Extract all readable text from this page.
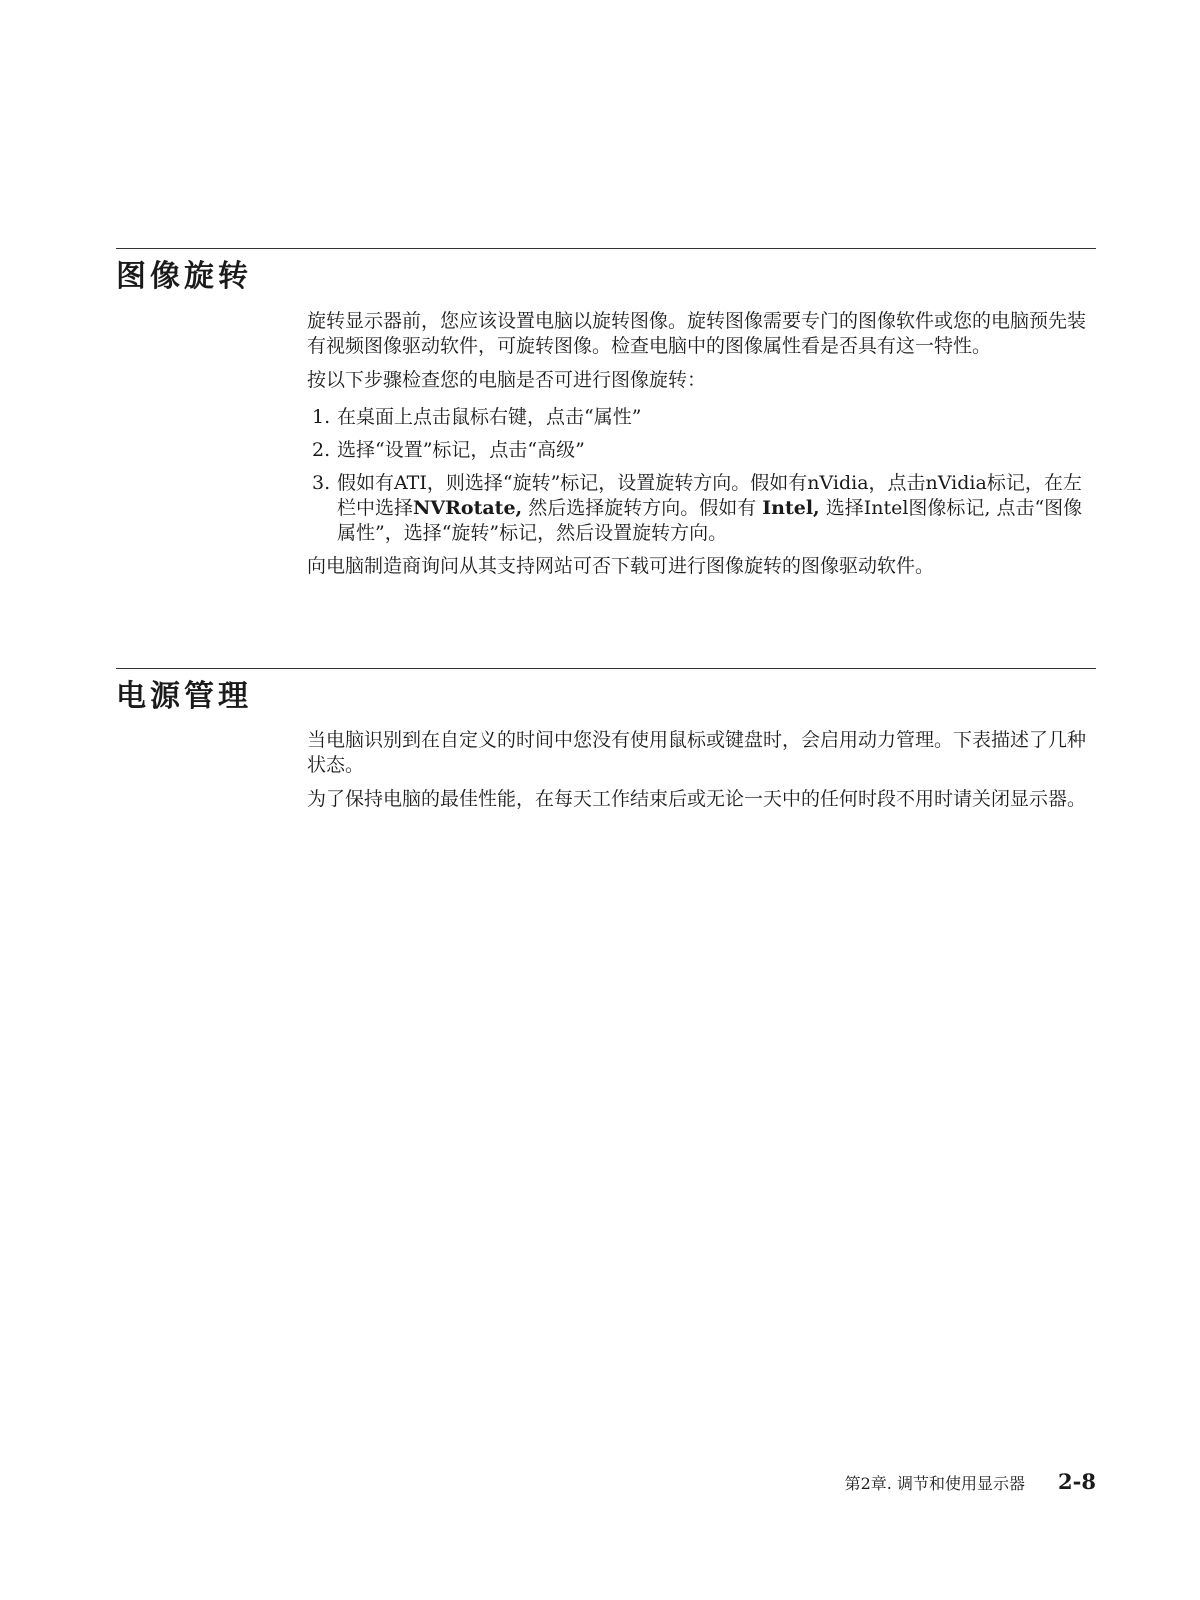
图像旋转

旋转显示器前，您应该设置电脑以旋转图像。旋转图像需要专门的图像软件或您的电脑预先装有视频图像驱动软件，可旋转图像。检查电脑中的图像属性看是否具有这一特性。

按以下步骤检查您的电脑是否可进行图像旋转：

1. 在桌面上点击鼠标右键，点击“属性”
2. 选择“设置”标记，点击“高级”
3. 假如有ATI，则选择“旋转”标记，设置旋转方向。假如有nVidia，点击nVidia标记，在左栏中选择NVRotate, 然后选择旋转方向。假如有 Intel, 选择Intel图像标记, 点击“图像属性”，选择“旋转”标记，然后设置旋转方向。

向电脑制造商询问从其支持网站可否下载可进行图像旋转的图像驱动软件。

电源管理

当电脑识别到在自定义的时间中您没有使用鼠标或键盘时，会启用动力管理。下表描述了几种状态。

为了保持电脑的最佳性能，在每天工作结束后或无论一天中的任何时段不用时请关闭显示器。

第2章. 调节和使用显示器 2-8
